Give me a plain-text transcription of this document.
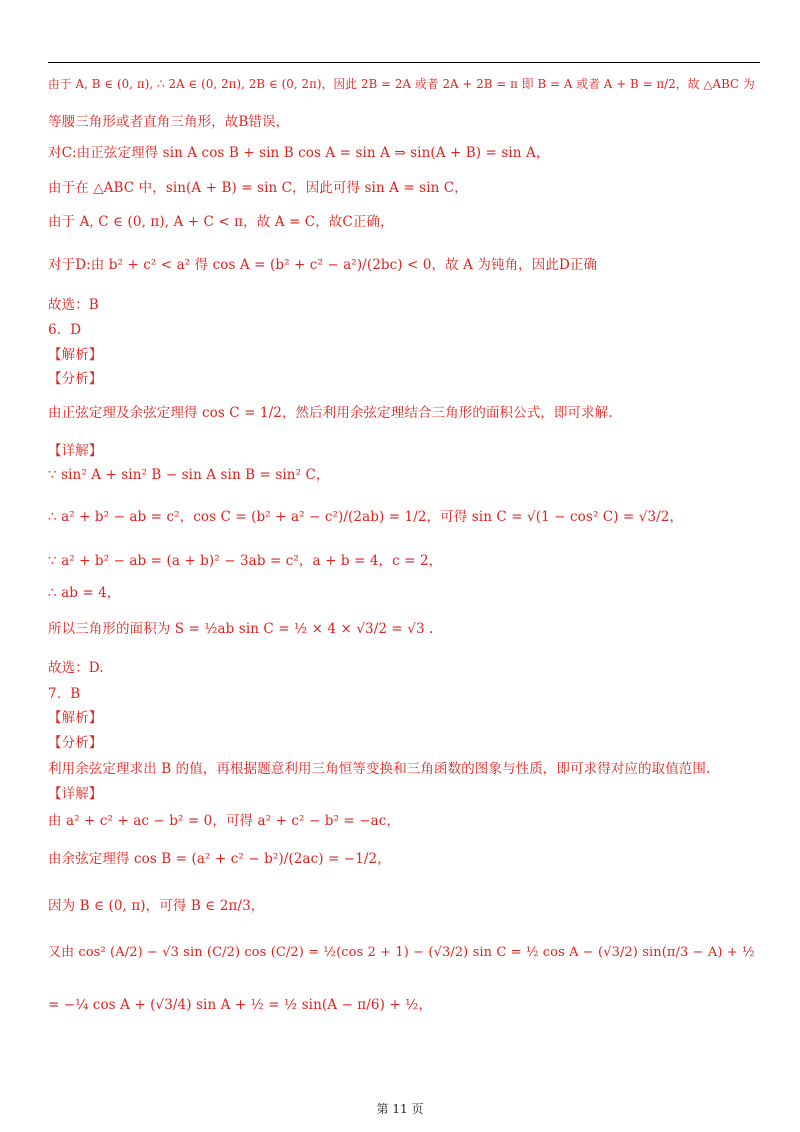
由于 A, B ∈ (0, π), ∴ 2A ∈ (0, 2π), 2B ∈ (0, 2π)，因此 2B = 2A 或者 2A + 2B = π 即 B = A 或者 A + B = π/2，故 △ABC 为
等腰三角形或者直角三角形，故B错误，
对C:由正弦定理得 sin A cos B + sin B cos A = sin A ⇒ sin(A + B) = sin A，
由于在 △ABC 中，sin(A + B) = sin C，因此可得 sin A = sin C，
由于 A, C ∈ (0, π), A + C < π，故 A = C，故C正确，
对于D:由 b² + c² < a² 得 cos A = (b² + c² − a²)/(2bc) < 0，故 A 为钝角，因此D正确
故选：B
6．D
【解析】
【分析】
由正弦定理及余弦定理得 cos C = 1/2，然后利用余弦定理结合三角形的面积公式，即可求解.
【详解】
∵ sin² A + sin² B − sin A sin B = sin² C，
∴ a² + b² − ab = c²，cos C = (b² + a² − c²)/(2ab) = 1/2，可得 sin C = √(1 − cos² C) = √3/2，
∵ a² + b² − ab = (a + b)² − 3ab = c²，a + b = 4，c = 2，
∴ ab = 4，
所以三角形的面积为 S = ½ab sin C = ½ × 4 × √3/2 = √3 .
故选：D.
7．B
【解析】
【分析】
利用余弦定理求出 B 的值，再根据题意利用三角恒等变换和三角函数的图象与性质，即可求得对应的取值范围.
【详解】
由 a² + c² + ac − b² = 0，可得 a² + c² − b² = −ac，
由余弦定理得 cos B = (a² + c² − b²)/(2ac) = −1/2，
因为 B ∈ (0, π)，可得 B ∈ 2π/3，
又由 cos² (A/2) − √3 sin (C/2) cos (C/2) = ½(cos 2 + 1) − (√3/2) sin C = ½ cos A − (√3/2) sin(π/3 − A) + ½
= −¼ cos A + (√3/4) sin A + ½ = ½ sin(A − π/6) + ½，
第 11 页
